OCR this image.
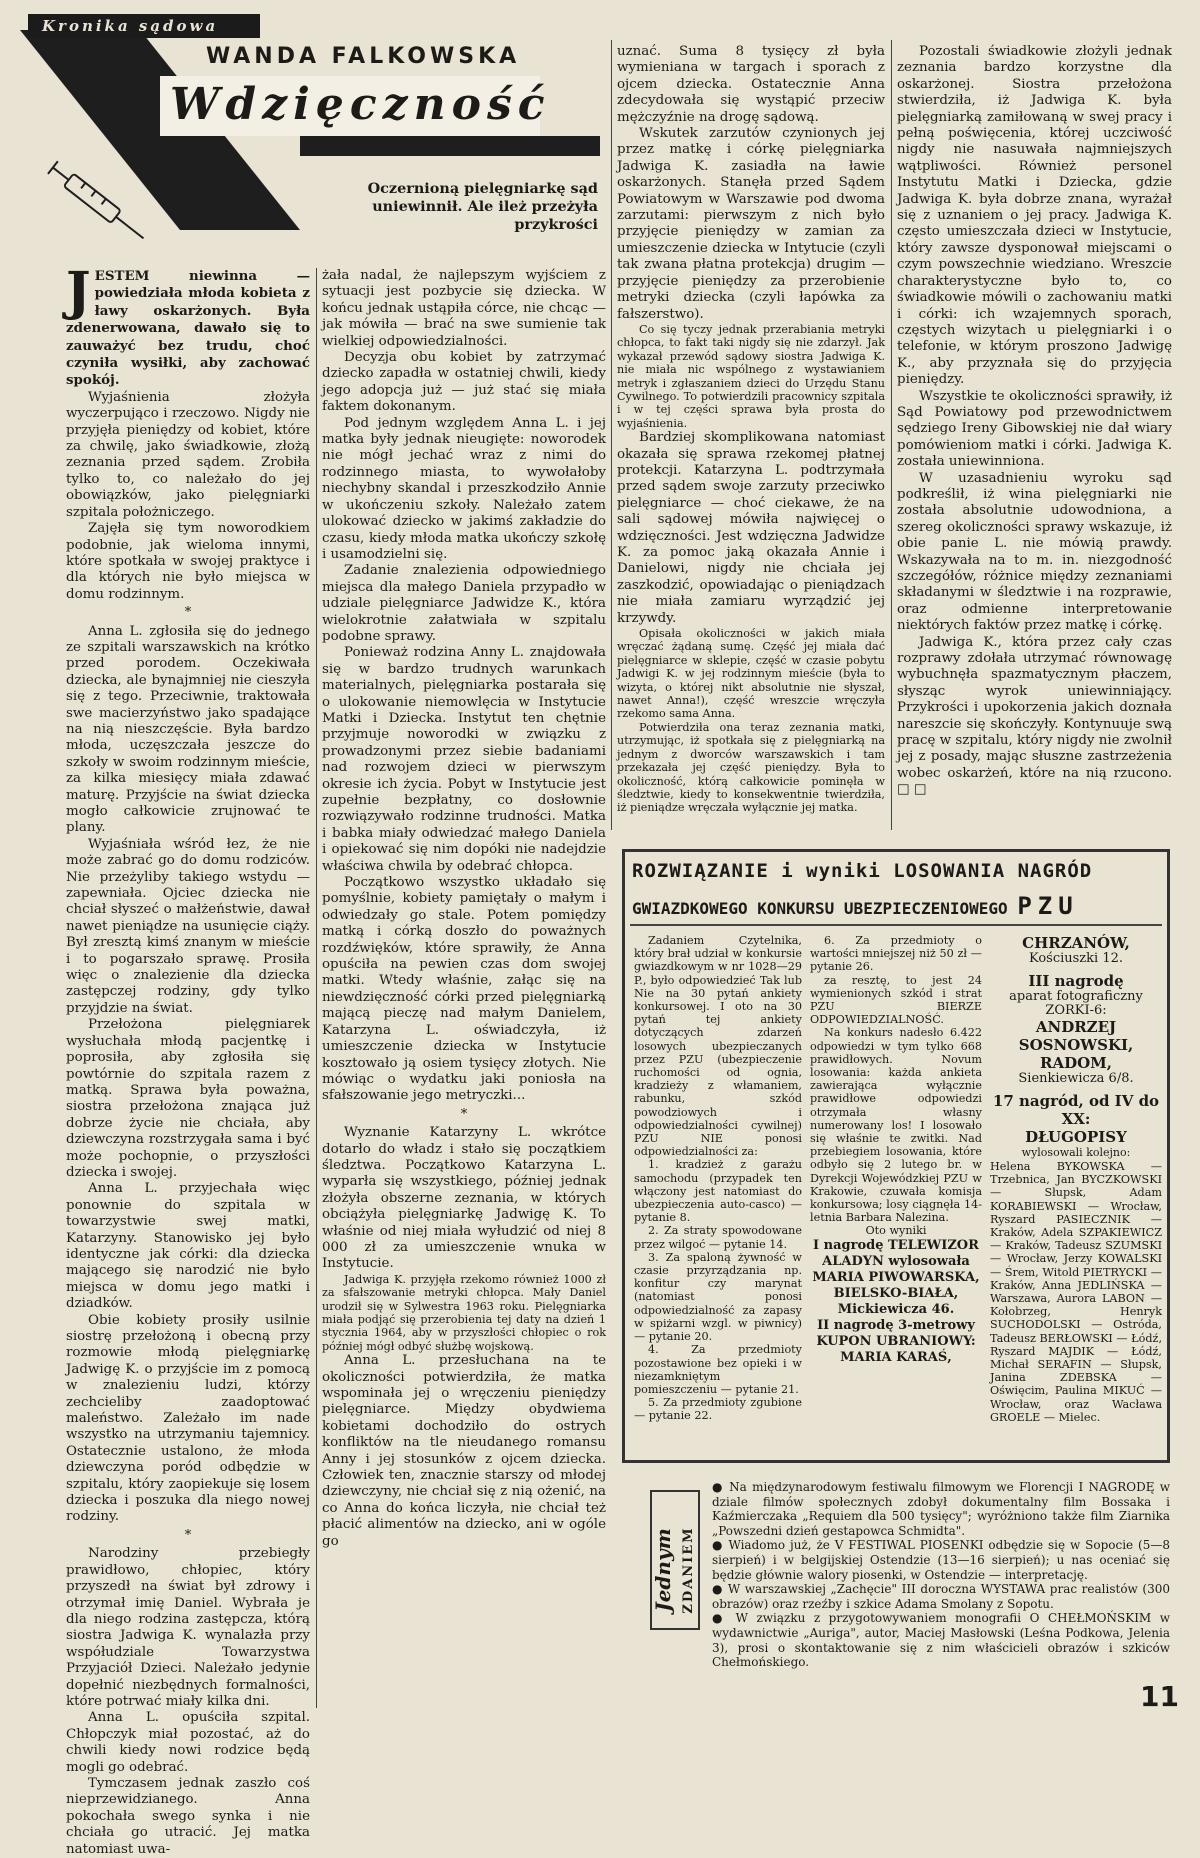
Kronika sądowa
WANDA FALKOWSKA
Wdzięczność
Oczernioną pielęgniarkę sąd uniewinnił. Ale ileż przeżyła przykrości

J ESTEM niewinna — powiedziała młoda kobieta z ławy oskarżonych. Była zdenerwowana, dawało się to zauważyć bez trudu, choć czyniła wysiłki, aby zachować spokój.

Wyjaśnienia złożyła wyczerpująco i rzeczowo. Nigdy nie przyjęła pieniędzy od kobiet, które za chwilę, jako świadkowie, złożą zeznania przed sądem. Zrobiła tylko to, co należało do jej obowiązków, jako pielęgniarki szpitala położniczego.

Zajęła się tym noworodkiem podobnie, jak wieloma innymi, które spotkała w swojej praktyce i dla których nie było miejsca w domu rodzinnym.

*

Anna L. zgłosiła się do jednego ze szpitali warszawskich na krótko przed porodem. Oczekiwała dziecka, ale bynajmniej nie cieszyła się z tego. Przeciwnie, traktowała swe macierzyństwo jako spadające na nią nieszczęście. Była bardzo młoda, uczęszczała jeszcze do szkoły w swoim rodzinnym mieście, za kilka miesięcy miała zdawać maturę. Przyjście na świat dziecka mogło całkowicie zrujnować te plany.

Wyjaśniała wśród łez, że nie może zabrać go do domu rodziców. Nie przeżyliby takiego wstydu — zapewniała. Ojciec dziecka nie chciał słyszeć o małżeństwie, dawał nawet pieniądze na usunięcie ciąży. Był zresztą kimś znanym w mieście i to pogarszało sprawę. Prosiła więc o znalezienie dla dziecka zastępczej rodziny, gdy tylko przyjdzie na świat.

Przełożona pielęgniarek wysłuchała młodą pacjentkę i poprosiła, aby zgłosiła się powtórnie do szpitala razem z matką. Sprawa była poważna, siostra przełożona znająca już dobrze życie nie chciała, aby dziewczyna rozstrzygała sama i być może pochopnie, o przyszłości dziecka i swojej.

Anna L. przyjechała więc ponownie do szpitala w towarzystwie swej matki, Katarzyny. Stanowisko jej było identyczne jak córki: dla dziecka mającego się narodzić nie było miejsca w domu jego matki i dziadków.

Obie kobiety prosiły usilnie siostrę przełożoną i obecną przy rozmowie młodą pielęgniarkę Jadwigę K. o przyjście im z pomocą w znalezieniu ludzi, którzy zechcieliby zaadoptować maleństwo. Zależało im nade wszystko na utrzymaniu tajemnicy. Ostatecznie ustalono, że młoda dziewczyna poród odbędzie w szpitalu, który zaopiekuje się losem dziecka i poszuka dla niego nowej rodziny.

*

Narodziny przebiegły prawidłowo, chłopiec, który przyszedł na świat był zdrowy i otrzymał imię Daniel. Wybrała je dla niego rodzina zastępcza, którą siostra Jadwiga K. wynalazła przy współudziale Towarzystwa Przyjaciół Dzieci. Należało jedynie dopełnić niezbędnych formalności, które potrwać miały kilka dni.

Anna L. opuściła szpital. Chłopczyk miał pozostać, aż do chwili kiedy nowi rodzice będą mogli go odebrać.

Tymczasem jednak zaszło coś nieprzewidzianego. Anna pokochała swego synka i nie chciała go utracić. Jej matka natomiast uwa-

żała nadal, że najlepszym wyjściem z sytuacji jest pozbycie się dziecka. W końcu jednak ustąpiła córce, nie chcąc — jak mówiła — brać na swe sumienie tak wielkiej odpowiedzialności.

Decyzja obu kobiet by zatrzymać dziecko zapadła w ostatniej chwili, kiedy jego adopcja już — już stać się miała faktem dokonanym.

Pod jednym względem Anna L. i jej matka były jednak nieugięte: noworodek nie mógł jechać wraz z nimi do rodzinnego miasta, to wywołałoby niechybny skandal i przeszkodziło Annie w ukończeniu szkoły. Należało zatem ulokować dziecko w jakimś zakładzie do czasu, kiedy młoda matka ukończy szkołę i usamodzielni się.

Zadanie znalezienia odpowiedniego miejsca dla małego Daniela przypadło w udziale pielęgniarce Jadwidze K., która wielokrotnie załatwiała w szpitalu podobne sprawy.

Ponieważ rodzina Anny L. znajdowała się w bardzo trudnych warunkach materialnych, pielęgniarka postarała się o ulokowanie niemowlęcia w Instytucie Matki i Dziecka. Instytut ten chętnie przyjmuje noworodki w związku z prowadzonymi przez siebie badaniami nad rozwojem dzieci w pierwszym okresie ich życia. Pobyt w Instytucie jest zupełnie bezpłatny, co dosłownie rozwiązywało rodzinne trudności. Matka i babka miały odwiedzać małego Daniela i opiekować się nim dopóki nie nadejdzie właściwa chwila by odebrać chłopca.

Początkowo wszystko układało się pomyślnie, kobiety pamiętały o małym i odwiedzały go stale. Potem pomiędzy matką i córką doszło do poważnych rozdźwięków, które sprawiły, że Anna opuściła na pewien czas dom swojej matki. Wtedy właśnie, załąc się na niewdzięczność córki przed pielęgniarką mającą pieczę nad małym Danielem, Katarzyna L. oświadczyła, iż umieszczenie dziecka w Instytucie kosztowało ją osiem tysięcy złotych. Nie mówiąc o wydatku jaki poniosła na sfałszowanie jego metryczki...

*

Wyznanie Katarzyny L. wkrótce dotarło do władz i stało się początkiem śledztwa. Początkowo Katarzyna L. wyparła się wszystkiego, później jednak złożyła obszerne zeznania, w których obciążyła pielęgniarkę Jadwigę K. To właśnie od niej miała wyłudzić od niej 8 000 zł za umieszczenie wnuka w Instytucie.

Jadwiga K. przyjęła rzekomo również 1000 zł za sfałszowanie metryki chłopca. Mały Daniel urodził się w Sylwestra 1963 roku. Pielęgniarka miała podjąć się przerobienia tej daty na dzień 1 stycznia 1964, aby w przyszłości chłopiec o rok później mógł odbyć służbę wojskową.

Anna L. przesłuchana na te okoliczności potwierdziła, że matka wspominała jej o wręczeniu pieniędzy pielęgniarce. Między obydwiema kobietami dochodziło do ostrych konfliktów na tle nieudanego romansu Anny i jej stosunków z ojcem dziecka. Człowiek ten, znacznie starszy od młodej dziewczyny, nie chciał się z nią ożenić, na co Anna do końca liczyła, nie chciał też płacić alimentów na dziecko, ani w ogóle go

uznać. Suma 8 tysięcy zł była wymieniana w targach i sporach z ojcem dziecka. Ostatecznie Anna zdecydowała się wystąpić przeciw mężczyźnie na drogę sądową.

Wskutek zarzutów czynionych jej przez matkę i córkę pielęgniarka Jadwiga K. zasiadła na ławie oskarżonych. Stanęła przed Sądem Powiatowym w Warszawie pod dwoma zarzutami: pierwszym z nich było przyjęcie pieniędzy w zamian za umieszczenie dziecka w Intytucie (czyli tak zwana płatna protekcja) drugim — przyjęcie pieniędzy za przerobienie metryki dziecka (czyli łapówka za fałszerstwo).

Co się tyczy jednak przerabiania metryki chłopca, to fakt taki nigdy się nie zdarzył. Jak wykazał przewód sądowy siostra Jadwiga K. nie miała nic wspólnego z wystawianiem metryk i zgłaszaniem dzieci do Urzędu Stanu Cywilnego. To potwierdzili pracownicy szpitala i w tej części sprawa była prosta do wyjaśnienia.

Bardziej skomplikowana natomiast okazała się sprawa rzekomej płatnej protekcji. Katarzyna L. podtrzymała przed sądem swoje zarzuty przeciwko pielęgniarce — choć ciekawe, że na sali sądowej mówiła najwięcej o wdzięczności. Jest wdzięczna Jadwidze K. za pomoc jaką okazała Annie i Danielowi, nigdy nie chciała jej zaszkodzić, opowiadając o pieniądzach nie miała zamiaru wyrządzić jej krzywdy.

Opisała okoliczności w jakich miała wręczać żądaną sumę. Część jej miała dać pielęgniarce w sklepie, część w czasie pobytu Jadwigi K. w jej rodzinnym mieście (była to wizyta, o której nikt absolutnie nie słyszał, nawet Anna!), część wreszcie wręczyła rzekomo sama Anna.

Potwierdziła ona teraz zeznania matki, utrzymując, iż spotkała się z pielęgniarką na jednym z dworców warszawskich i tam przekazała jej część pieniędzy. Była to okoliczność, którą całkowicie pominęła w śledztwie, kiedy to konsekwentnie twierdziła, iż pieniądze wręczała wyłącznie jej matka.

Pozostali świadkowie złożyli jednak zeznania bardzo korzystne dla oskarżonej. Siostra przełożona stwierdziła, iż Jadwiga K. była pielęgniarką zamiłowaną w swej pracy i pełną poświęcenia, której uczciwość nigdy nie nasuwała najmniejszych wątpliwości. Również personel Instytutu Matki i Dziecka, gdzie Jadwiga K. była dobrze znana, wyrażał się z uznaniem o jej pracy. Jadwiga K. często umieszczała dzieci w Instytucie, który zawsze dysponował miejscami o czym powszechnie wiedziano. Wreszcie charakterystyczne było to, co świadkowie mówili o zachowaniu matki i córki: ich wzajemnych sporach, częstych wizytach u pielęgniarki i o telefonie, w którym proszono Jadwigę K., aby przyznała się do przyjęcia pieniędzy.

Wszystkie te okoliczności sprawiły, iż Sąd Powiatowy pod przewodnictwem sędziego Ireny Gibowskiej nie dał wiary pomówieniom matki i córki. Jadwiga K. została uniewinniona.

W uzasadnieniu wyroku sąd podkreślił, iż wina pielęgniarki nie została absolutnie udowodniona, a szereg okoliczności sprawy wskazuje, iż obie panie L. nie mówią prawdy. Wskazywała na to m. in. niezgodność szczegółów, różnice między zeznaniami składanymi w śledztwie i na rozprawie, oraz odmienne interpretowanie niektórych faktów przez matkę i córkę.

Jadwiga K., która przez cały czas rozprawy zdołała utrzymać równowagę wybuchnęła spazmatycznym płaczem, słysząc wyrok uniewinniający. Przykrości i upokorzenia jakich doznała nareszcie się skończyły. Kontynuuje swą pracę w szpitalu, który nigdy nie zwolnił jej z posady, mając słuszne zastrzeżenia wobec oskarżeń, które na nią rzucono. □ □

ROZWIĄZANIE i wyniki LOSOWANIA NAGRÓD
GWIAZDKOWEGO KONKURSU UBEZPIECZENIOWEGO PZU

Zadaniem Czytelnika, który brał udział w konkursie gwiazdkowym w nr 1028—29 P., było odpowiedzieć Tak lub Nie na 30 pytań ankiety konkursowej. I oto na 30 pytań tej ankiety dotyczących zdarzeń losowych ubezpieczanych przez PZU (ubezpieczenie ruchomości od ognia, kradzieży z włamaniem, rabunku, szkód powodziowych i odpowiedzialności cywilnej) PZU NIE ponosi odpowiedzialności za:

1. kradzież z garażu samochodu (przypadek ten włączony jest natomiast do ubezpieczenia auto-casco) — pytanie 8.

2. Za straty spowodowane przez wilgoć — pytanie 14.

3. Za spaloną żywność w czasie przyrządzania np. konfitur czy marynat (natomiast ponosi odpowiedzialność za zapasy w spiżarni wzgl. w piwnicy) — pytanie 20.

4. Za przedmioty pozostawione bez opieki i w niezamkniętym pomieszczeniu — pytanie 21.

5. Za przedmioty zgubione — pytanie 22.

6. Za przedmioty o wartości mniejszej niż 50 zł — pytanie 26.

za resztę, to jest 24 wymienionych szkód i strat PZU BIERZE ODPOWIEDZIALNOŚĆ.

Na konkurs nadesło 6.422 odpowiedzi w tym tylko 668 prawidłowych. Novum losowania: każda ankieta zawierająca wyłącznie prawidłowe odpowiedzi otrzymała własny numerowany los! I losowało się właśnie te zwitki. Nad przebiegiem losowania, które odbyło się 2 lutego br. w Dyrekcji Wojewódzkiej PZU w Krakowie, czuwała komisja konkursowa; losy ciągnęła 14-letnia Barbara Nalezina.

Oto wyniki

I nagrodę TELEWIZOR ALADYN wylosowała MARIA PIWOWARSKA, BIELSKO-BIAŁA, Mickiewicza 46.

II nagrodę 3-metrowy KUPON UBRANIOWY: MARIA KARAŚ,

CHRZANÓW,
Kościuszki 12.
III nagrodę
aparat fotograficzny ZORKI-6:
ANDRZEJ SOSNOWSKI, RADOM,
Sienkiewicza 6/8.
17 nagród, od IV do XX:
DŁUGOPISY
wylosowali kolejno:
Helena BYKOWSKA — Trzebnica, Jan BYCZKOWSKI — Słupsk, Adam KORABIEWSKI — Wrocław, Ryszard PASIECZNIK — Kraków, Adela SZPAKIEWICZ — Kraków, Tadeusz SZUMSKI — Wrocław, Jerzy KOWALSKI — Śrem, Witold PIETRYCKI — Kraków, Anna JEDLIŃSKA — Warszawa, Aurora LABON — Kołobrzeg, Henryk SUCHODOLSKI — Ostróda, Tadeusz BERŁOWSKI — Łódź, Ryszard MAJDIK — Łódź, Michał SERAFIN — Słupsk, Janina ZDEBSKA — Oświęcim, Paulina MIKUĆ — Wrocław, oraz Wacława GROELE — Mielec.
Jednym ZDANIEM

● Na międzynarodowym festiwalu filmowym we Florencji I NAGRODĘ w dziale filmów społecznych zdobył dokumentalny film Bossaka i Kaźmierczaka „Requiem dla 500 tysięcy"; wyróżniono także film Ziarnika „Powszedni dzień gestapowca Schmidta".

● Wiadomo już, że V FESTIWAL PIOSENKI odbędzie się w Sopocie (5—8 sierpień) i w belgijskiej Ostendzie (13—16 sierpień); u nas oceniać się będzie głównie walory piosenki, w Ostendzie — interpretację.

● W warszawskiej „Zachęcie" III doroczna WYSTAWA prac realistów (300 obrazów) oraz rzeźby i szkice Adama Smolany z Sopotu.

● W związku z przygotowywaniem monografii O CHEŁMOŃSKIM w wydawnictwie „Auriga", autor, Maciej Masłowski (Leśna Podkowa, Jelenia 3), prosi o skontaktowanie się z nim właścicieli obrazów i szkiców Chełmońskiego.

11
